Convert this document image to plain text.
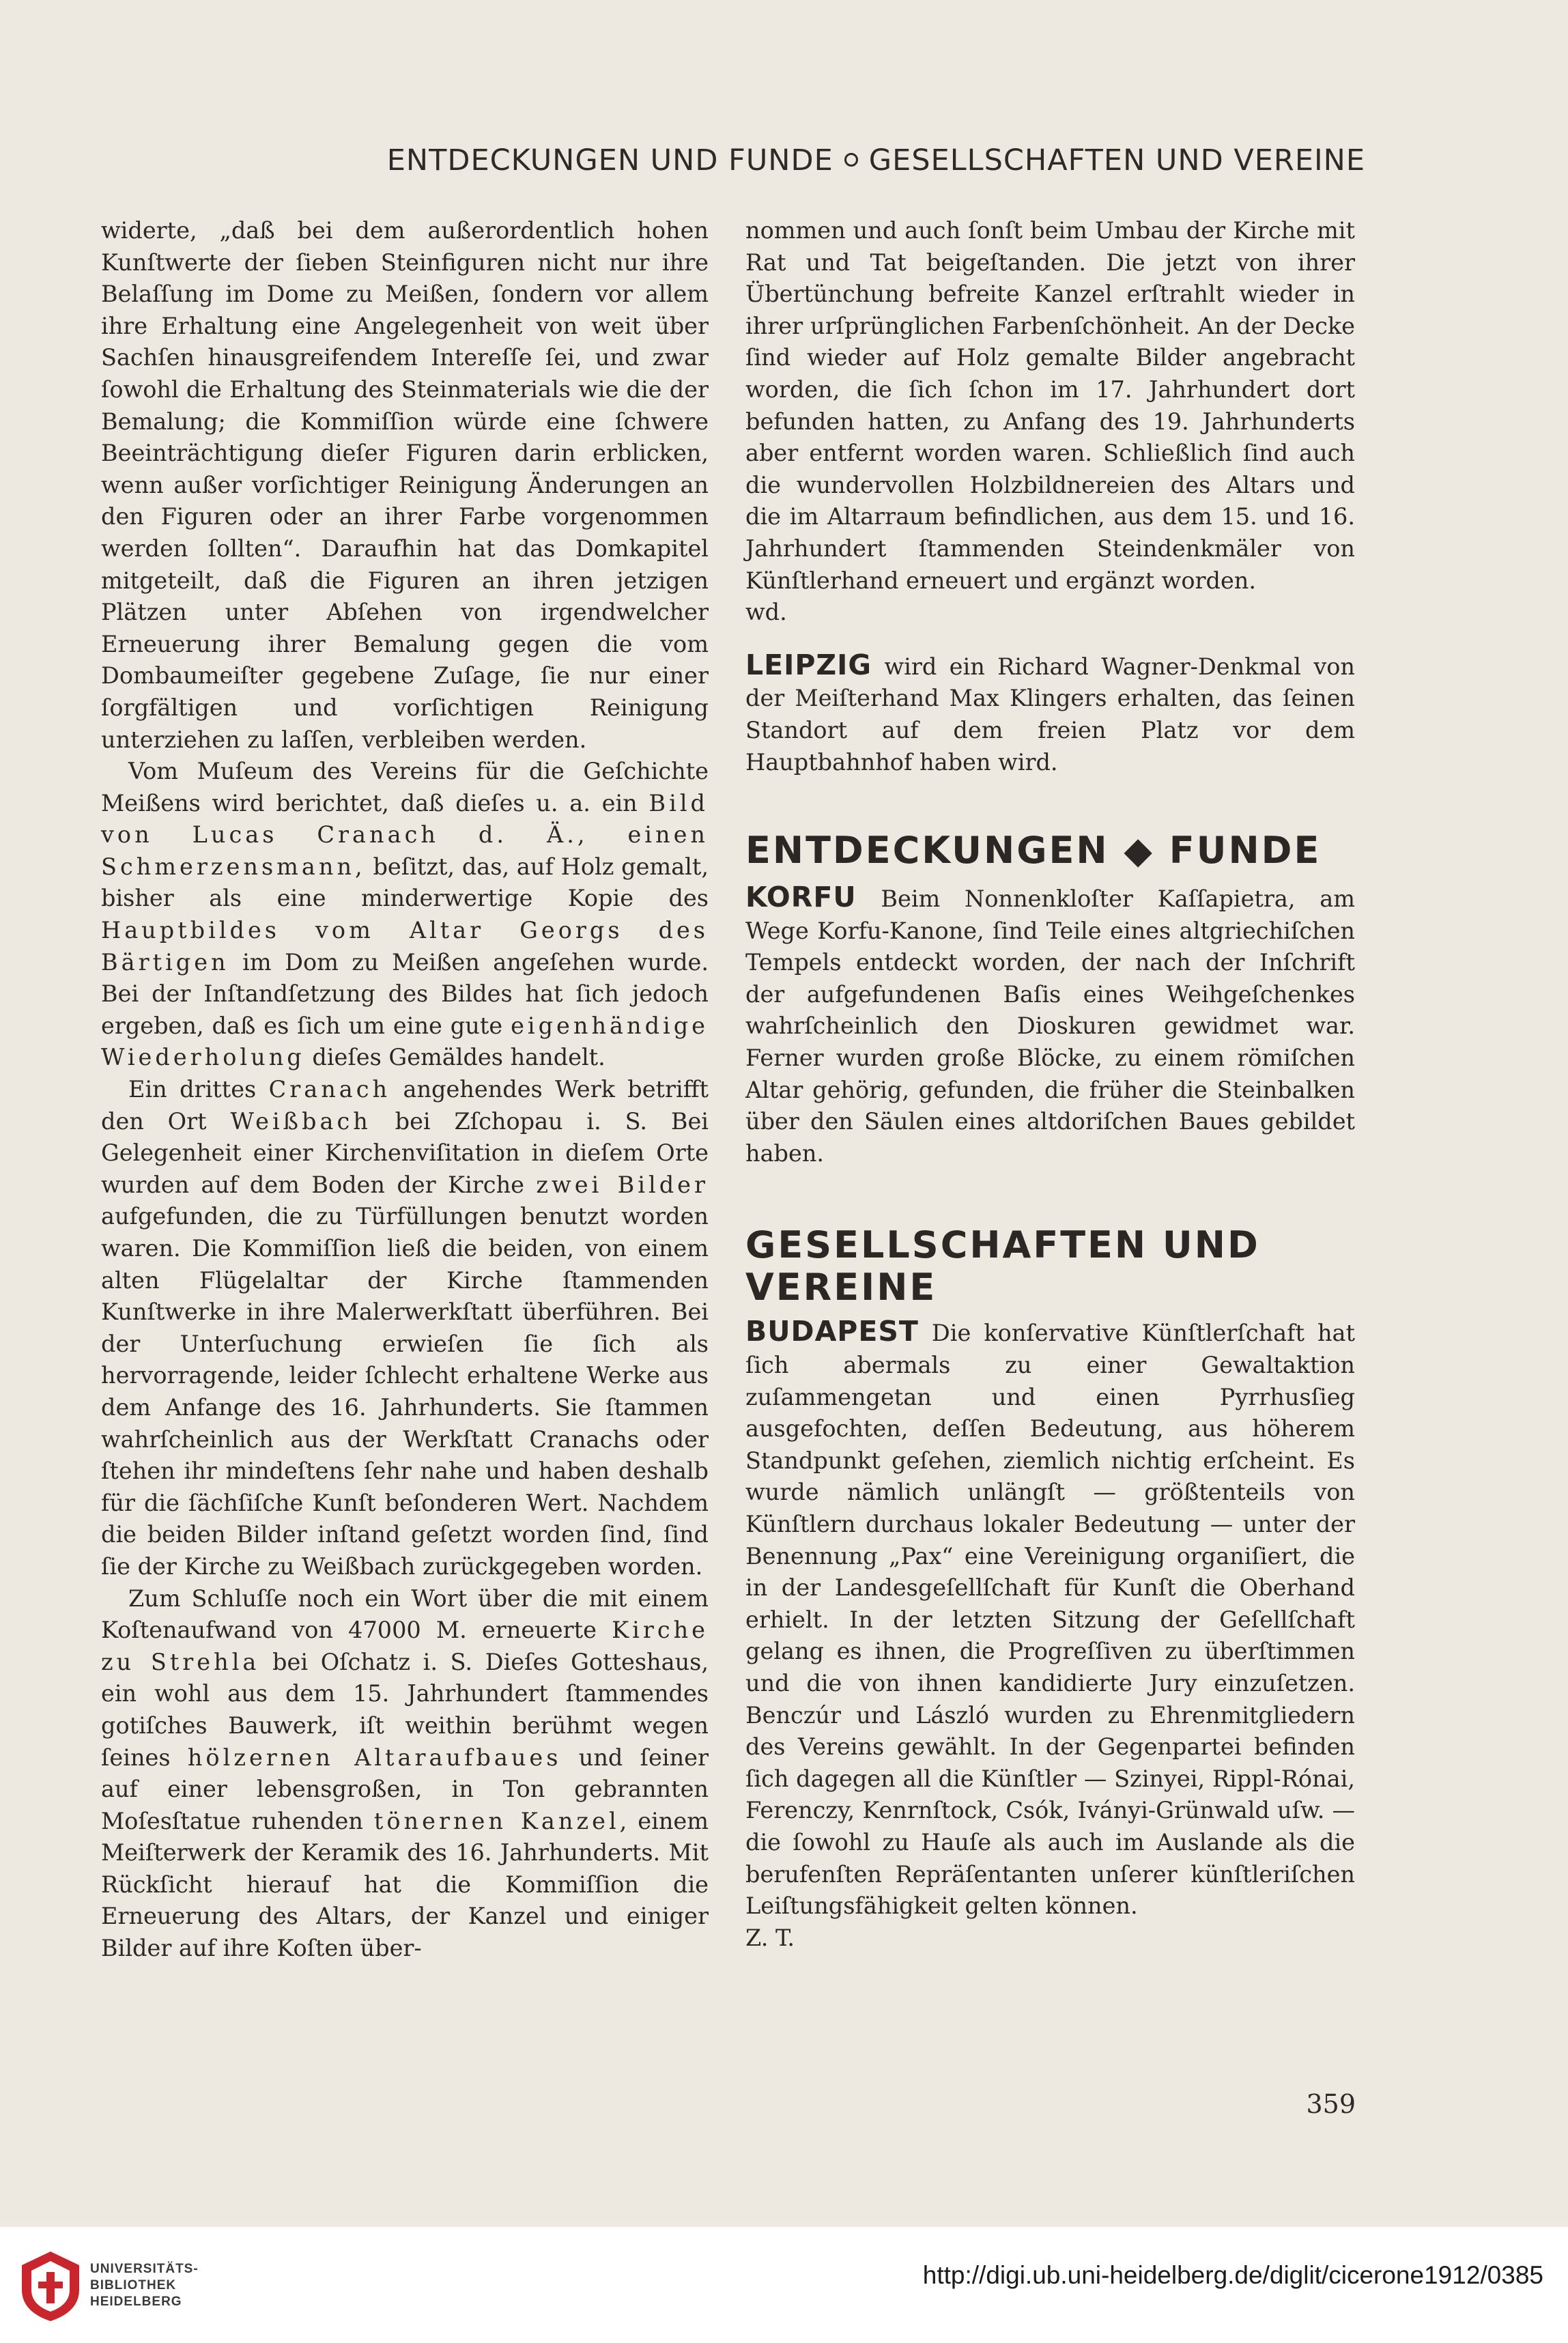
ENTDECKUNGEN UND FUNDE GESELLSCHAFTEN UND VEREINE

widerte, „daß bei dem außerordentlich hohen Kunſtwerte der ſieben Steinfiguren nicht nur ihre Belaſſung im Dome zu Meißen, ſondern vor allem ihre Erhaltung eine Angelegenheit von weit über Sachſen hinausgreifendem Intereſſe ſei, und zwar ſowohl die Erhaltung des Steinmaterials wie die der Bemalung; die Kommiſſion würde eine ſchwere Beeinträchtigung dieſer Figuren darin erblicken, wenn außer vorſichtiger Reinigung Änderungen an den Figuren oder an ihrer Farbe vorgenommen werden ſollten“. Daraufhin hat das Domkapitel mitgeteilt, daß die Figuren an ihren jetzigen Plätzen unter Abſehen von irgendwelcher Erneuerung ihrer Bemalung gegen die vom Dombaumeiſter gegebene Zuſage, ſie nur einer ſorgfältigen und vorſichtigen Reinigung unterziehen zu laſſen, verbleiben werden.

Vom Muſeum des Vereins für die Geſchichte Meißens wird berichtet, daß dieſes u. a. ein Bild von Lucas Cranach d. Ä., einen Schmerzensmann, beſitzt, das, auf Holz gemalt, bisher als eine minderwertige Kopie des Hauptbildes vom Altar Georgs des Bärtigen im Dom zu Meißen angeſehen wurde. Bei der Inſtandſetzung des Bildes hat ſich jedoch ergeben, daß es ſich um eine gute eigenhändige Wiederholung dieſes Gemäldes handelt.

Ein drittes Cranach angehendes Werk betrifft den Ort Weißbach bei Zſchopau i. S. Bei Gelegenheit einer Kirchenviſitation in dieſem Orte wurden auf dem Boden der Kirche zwei Bilder aufgefunden, die zu Türfüllungen benutzt worden waren. Die Kommiſſion ließ die beiden, von einem alten Flügelaltar der Kirche ſtammenden Kunſtwerke in ihre Malerwerkſtatt überführen. Bei der Unterſuchung erwieſen ſie ſich als hervorragende, leider ſchlecht erhaltene Werke aus dem Anfange des 16. Jahrhunderts. Sie ſtammen wahrſcheinlich aus der Werkſtatt Cranachs oder ſtehen ihr mindeſtens ſehr nahe und haben deshalb für die ſächſiſche Kunſt beſonderen Wert. Nachdem die beiden Bilder inſtand geſetzt worden ſind, ſind ſie der Kirche zu Weißbach zurückgegeben worden.

Zum Schluſſe noch ein Wort über die mit einem Koſtenaufwand von 47000 M. erneuerte Kirche zu Strehla bei Oſchatz i. S. Dieſes Gotteshaus, ein wohl aus dem 15. Jahrhundert ſtammendes gotiſches Bauwerk, iſt weithin berühmt wegen ſeines hölzernen Altaraufbaues und ſeiner auf einer lebensgroßen, in Ton gebrannten Moſesſtatue ruhenden tönernen Kanzel, einem Meiſterwerk der Keramik des 16. Jahrhunderts. Mit Rückſicht hierauf hat die Kommiſſion die Erneuerung des Altars, der Kanzel und einiger Bilder auf ihre Koſten über-

nommen und auch ſonſt beim Umbau der Kirche mit Rat und Tat beigeſtanden. Die jetzt von ihrer Übertünchung befreite Kanzel erſtrahlt wieder in ihrer urſprünglichen Farbenſchönheit. An der Decke ſind wieder auf Holz gemalte Bilder angebracht worden, die ſich ſchon im 17. Jahrhundert dort befunden hatten, zu Anfang des 19. Jahrhunderts aber entfernt worden waren. Schließlich ſind auch die wundervollen Holzbildnereien des Altars und die im Altarraum befindlichen, aus dem 15. und 16. Jahrhundert ſtammenden Steindenkmäler von Künſtlerhand erneuert und ergänzt worden.

wd.

LEIPZIG wird ein Richard Wagner-Denkmal von der Meiſterhand Max Klingers erhalten, das ſeinen Standort auf dem freien Platz vor dem Hauptbahnhof haben wird.

ENTDECKUNGEN ◆ FUNDE

KORFU Beim Nonnenkloſter Kaſſapietra, am Wege Korfu-Kanone, ſind Teile eines altgriechiſchen Tempels entdeckt worden, der nach der Inſchrift der aufgefundenen Baſis eines Weihgeſchenkes wahrſcheinlich den Dioskuren gewidmet war. Ferner wurden große Blöcke, zu einem römiſchen Altar gehörig, gefunden, die früher die Steinbalken über den Säulen eines altdoriſchen Baues gebildet haben.

GESELLSCHAFTEN UND VEREINE

BUDAPEST Die konſervative Künſtlerſchaft hat ſich abermals zu einer Gewaltaktion zuſammengetan und einen Pyrrhusſieg ausgefochten, deſſen Bedeutung, aus höherem Standpunkt geſehen, ziemlich nichtig erſcheint. Es wurde nämlich unlängſt — größtenteils von Künſtlern durchaus lokaler Bedeutung — unter der Benennung „Pax“ eine Vereinigung organiſiert, die in der Landesgeſellſchaft für Kunſt die Oberhand erhielt. In der letzten Sitzung der Geſellſchaft gelang es ihnen, die Progreſſiven zu überſtimmen und die von ihnen kandidierte Jury einzuſetzen. Benczúr und László wurden zu Ehrenmitgliedern des Vereins gewählt. In der Gegenpartei befinden ſich dagegen all die Künſtler — Szinyei, Rippl-Rónai, Ferenczy, Kenrnſtock, Csók, Iványi-Grünwald uſw. — die ſowohl zu Hauſe als auch im Auslande als die berufenſten Repräſentanten unſerer künſtleriſchen Leiſtungsfähigkeit gelten können.

Z. T.

359
UNIVERSITÄTS-
BIBLIOTHEK
HEIDELBERG
http://digi.ub.uni-heidelberg.de/diglit/cicerone1912/0385
